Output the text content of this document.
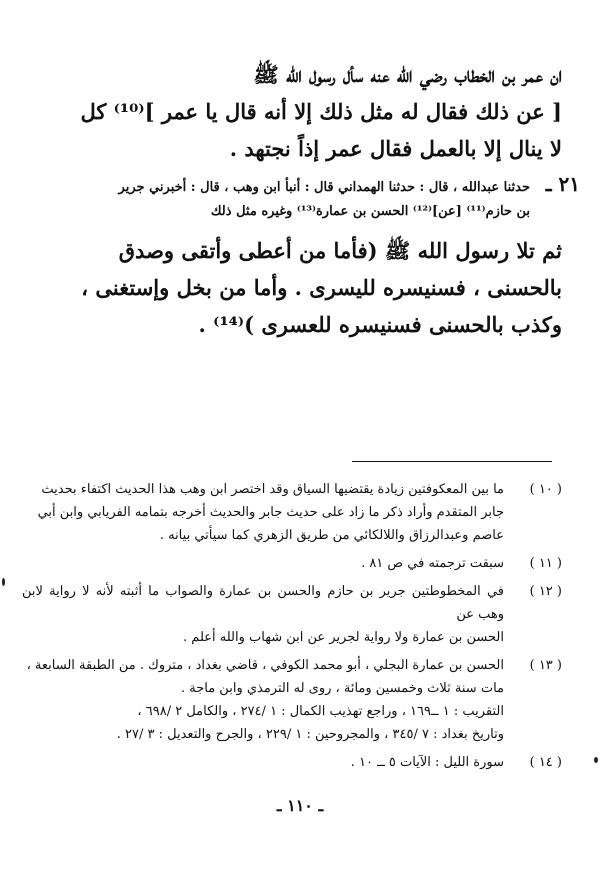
ان عمر بن الخطاب رضي الله عنه سأل رسول الله ﷺ

[ عن ذلك فقال له مثل ذلك إلا أنه قال يا عمر ]⁽¹⁰⁾ كل

لا ينال إلا بالعمل فقال عمر إذاً نجتهد .

٢١ ـ
حدثنا عبدالله ، قال : حدثنا الهمداني قال : أنبأ ابن وهب ، قال : أخبرني جرير
بن حازم⁽¹¹⁾ [عن]⁽¹²⁾ الحسن بن عمارة⁽¹³⁾ وغيره مثل ذلك

ثم تلا رسول الله ﷺ (فأما من أعطى وأتقى وصدق

بالحسنى ، فسنيسره لليسرى . وأما من بخل وإستغنى ،

وكذب بالحسنى فسنيسره للعسرى )⁽¹⁴⁾ .

( ١٠ )
ما بين المعكوفتين زيادة يقتضيها السياق وقد اختصر ابن وهب هذا الحديث اكتفاء بحديث
جابر المتقدم وأراد ذكر ما زاد على حديث جابر والحديث أخرجه بتمامه الفريابي وابن أبي
عاصم وعبدالرزاق واللالكائي من طريق الزهري كما سيأتي بيانه .
( ١١ )
سبقت ترجمته في ص ٨١ .
( ١٢ )
في المخطوطتين جرير بن حازم والحسن بن عمارة والصواب ما أثبته لأنه لا رواية لابن وهب عن
الحسن بن عمارة ولا رواية لجرير عن ابن شهاب والله أعلم .
( ١٣ )
الحسن بن عمارة البجلي ، أبو محمد الكوفي ، قاضي بغداد ، متروك . من الطبقة السابعة ،
مات سنة ثلاث وخمسين ومائة ، روى له الترمذي وابن ماجة .
التقريب : ١ ــ١٦٩ ، وراجع تهذيب الكمال : ١ /٢٧٤ ، والكامل ٢ /٦٩٨ ،
وتاريخ بغداد : ٧ /٣٤٥ ، والمجروحين : ١ /٢٢٩ ، والجرح والتعديل : ٣ /٢٧ .
( ١٤ )
سورة الليل : الآيات ٥ ــ ١٠ .
ـ ١١٠ ـ
